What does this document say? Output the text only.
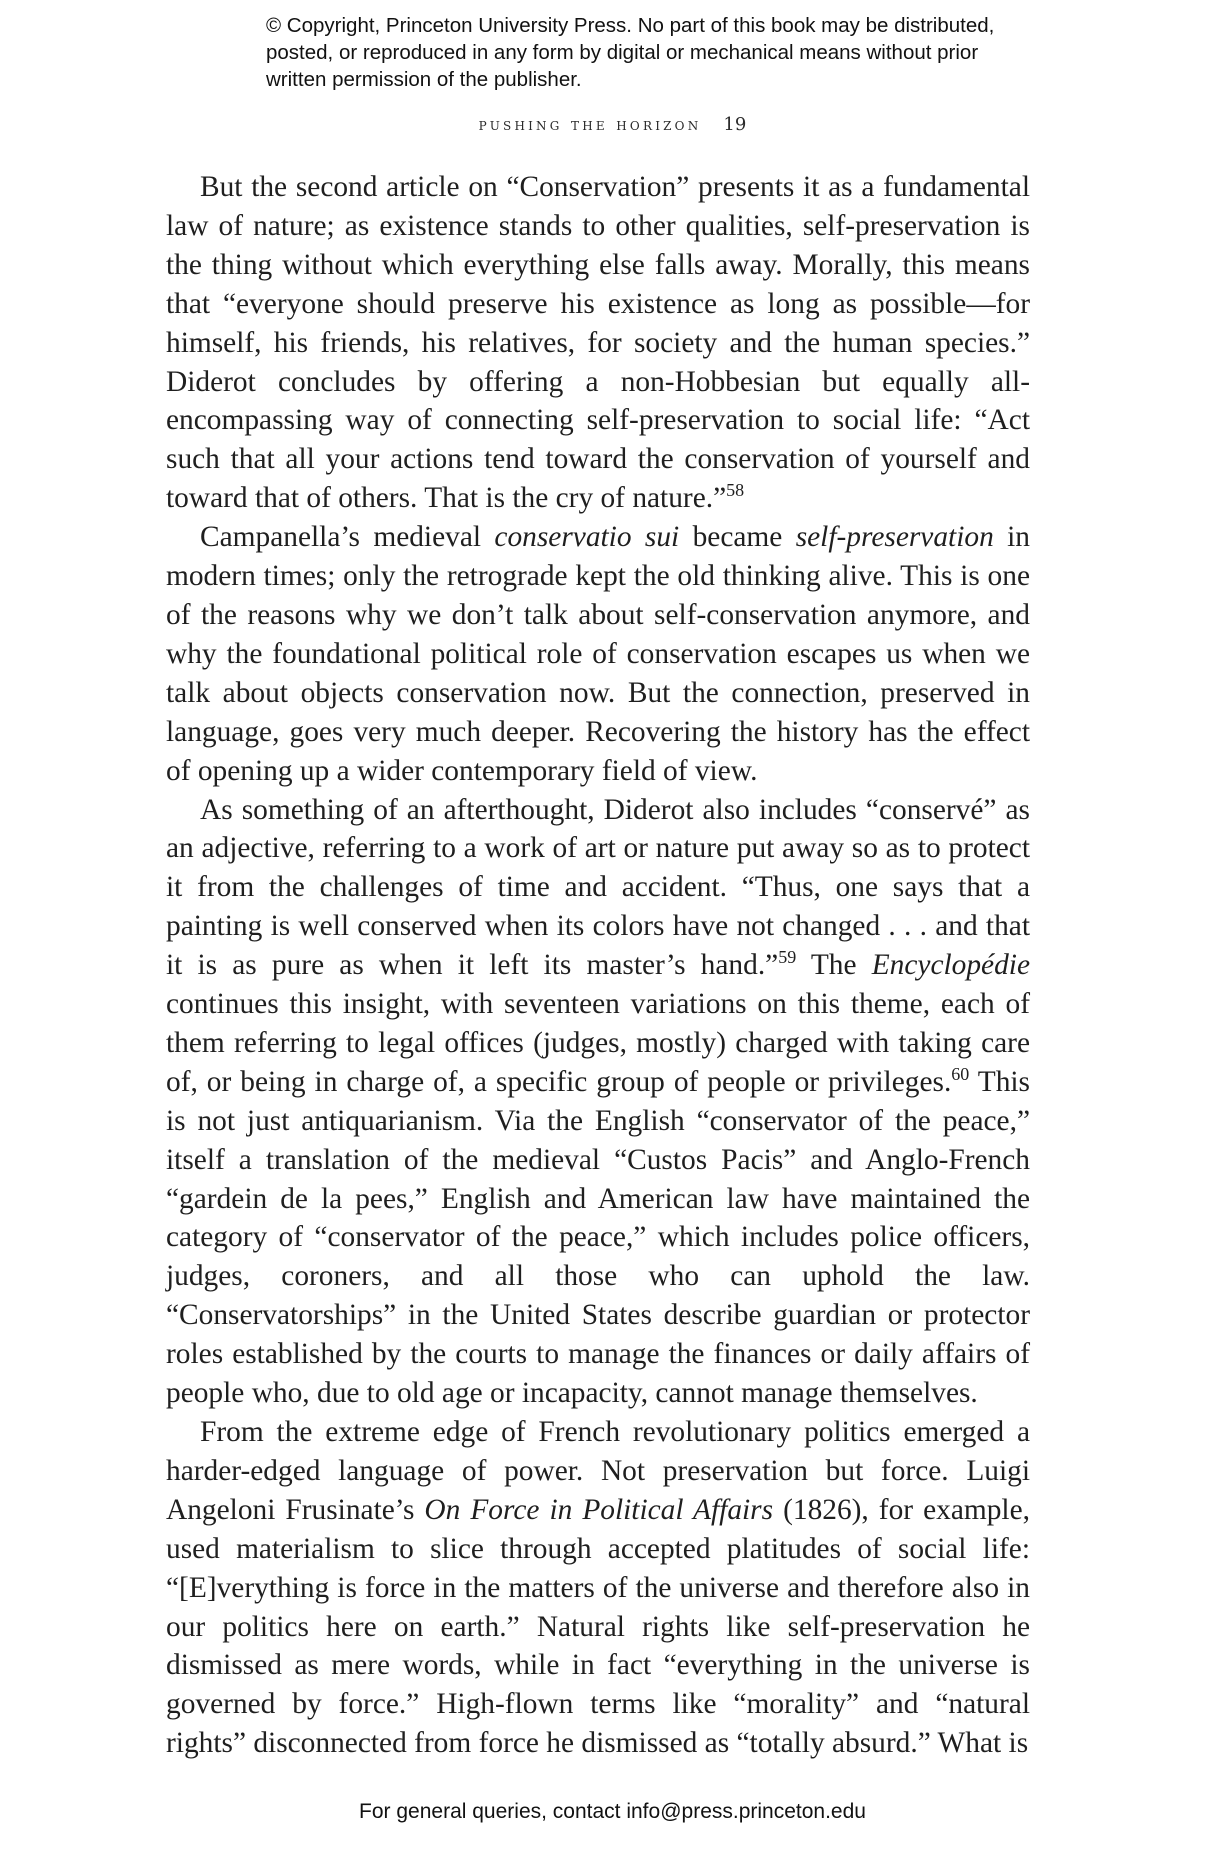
© Copyright, Princeton University Press. No part of this book may be distributed, posted, or reproduced in any form by digital or mechanical means without prior written permission of the publisher.
pushing the horizon 19

But the second article on “Conservation” presents it as a fundamental law of nature; as existence stands to other qualities, self-preservation is the thing without which everything else falls away. Morally, this means that “everyone should preserve his existence as long as possible—for himself, his friends, his relatives, for society and the human species.” Diderot concludes by offering a non-Hobbesian but equally all-encompassing way of connecting self-preservation to social life: “Act such that all your actions tend toward the conservation of yourself and toward that of others. That is the cry of nature.”$^{58}$

Campanella’s medieval conservatio sui became self-preservation in modern times; only the retrograde kept the old thinking alive. This is one of the reasons why we don’t talk about self-conservation anymore, and why the foundational political role of conservation escapes us when we talk about objects conservation now. But the connection, preserved in language, goes very much deeper. Recovering the history has the effect of opening up a wider contemporary field of view.

As something of an afterthought, Diderot also includes “conservé” as an adjective, referring to a work of art or nature put away so as to protect it from the challenges of time and accident. “Thus, one says that a painting is well conserved when its colors have not changed . . . and that it is as pure as when it left its master’s hand.”$^{59}$ The Encyclopédie continues this insight, with seventeen variations on this theme, each of them referring to legal offices (judges, mostly) charged with taking care of, or being in charge of, a specific group of people or privileges.$^{60}$ This is not just antiquarianism. Via the English “conservator of the peace,” itself a translation of the medieval “Custos Pacis” and Anglo-French “gardein de la pees,” English and American law have maintained the category of “conservator of the peace,” which includes police officers, judges, coroners, and all those who can uphold the law. “Conservatorships” in the United States describe guardian or protector roles established by the courts to manage the finances or daily affairs of people who, due to old age or incapacity, cannot manage themselves.

From the extreme edge of French revolutionary politics emerged a harder-edged language of power. Not preservation but force. Luigi Angeloni Frusinate’s On Force in Political Affairs (1826), for example, used materialism to slice through accepted platitudes of social life: “[E]verything is force in the matters of the universe and therefore also in our politics here on earth.” Natural rights like self-preservation he dismissed as mere words, while in fact “everything in the universe is governed by force.” High-flown terms like “morality” and “natural rights” disconnected from force he dismissed as “totally absurd.” What is

For general queries, contact info@press.princeton.edu
